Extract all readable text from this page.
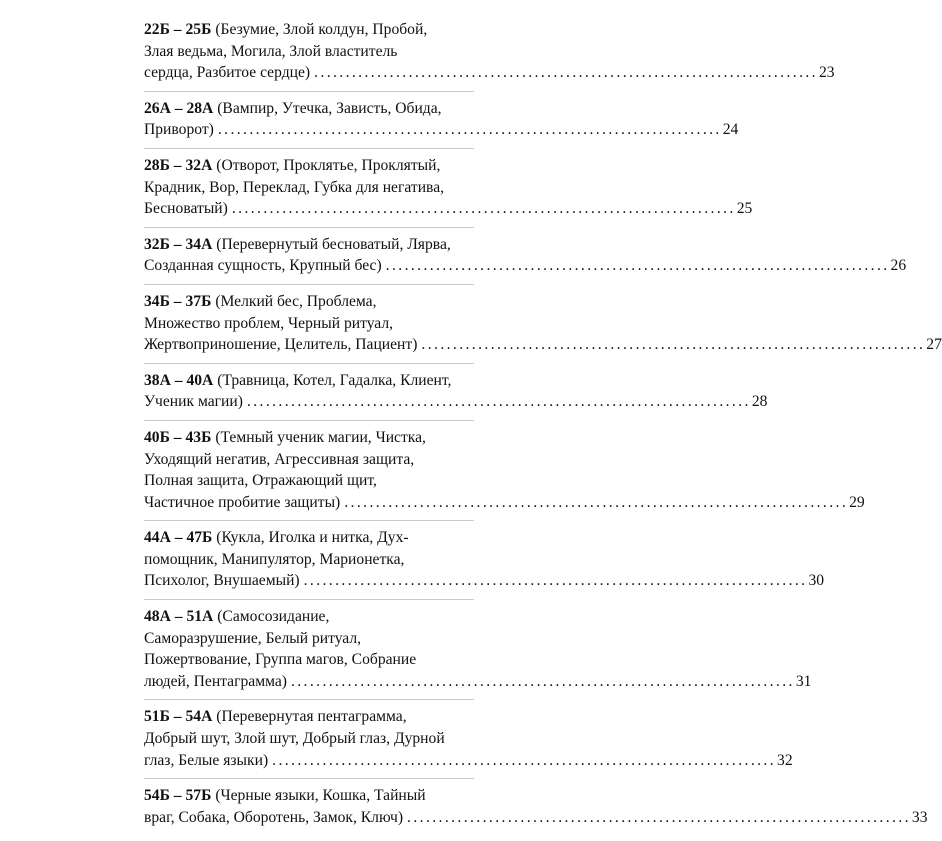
22Б – 25Б (Безумие, Злой колдун, Пробой,
Злая ведьма, Могила, Злой властитель
сердца, Разбитое сердце) ................................................................................ 23
26А – 28А (Вампир, Утечка, Зависть, Обида,
Приворот) ................................................................................ 24
28Б – 32А (Отворот, Проклятье, Проклятый,
Крадник, Вор, Переклад, Губка для негатива,
Бесноватый) ................................................................................ 25
32Б – 34А (Перевернутый бесноватый, Лярва,
Созданная сущность, Крупный бес) ................................................................................ 26
34Б – 37Б (Мелкий бес, Проблема,
Множество проблем, Черный ритуал,
Жертвоприношение, Целитель, Пациент) ................................................................................ 27
38А – 40А (Травница, Котел, Гадалка, Клиент,
Ученик магии) ................................................................................ 28
40Б – 43Б (Темный ученик магии, Чистка,
Уходящий негатив, Агрессивная защита,
Полная защита, Отражающий щит,
Частичное пробитие защиты) ................................................................................ 29
44А – 47Б (Кукла, Иголка и нитка, Дух-
помощник, Манипулятор, Марионетка,
Психолог, Внушаемый) ................................................................................ 30
48А – 51А (Самосозидание,
Саморазрушение, Белый ритуал,
Пожертвование, Группа магов, Собрание
людей, Пентаграмма) ................................................................................ 31
51Б – 54А (Перевернутая пентаграмма,
Добрый шут, Злой шут, Добрый глаз, Дурной
глаз, Белые языки) ................................................................................ 32
54Б – 57Б (Черные языки, Кошка, Тайный
враг, Собака, Оборотень, Замок, Ключ) ................................................................................ 33
